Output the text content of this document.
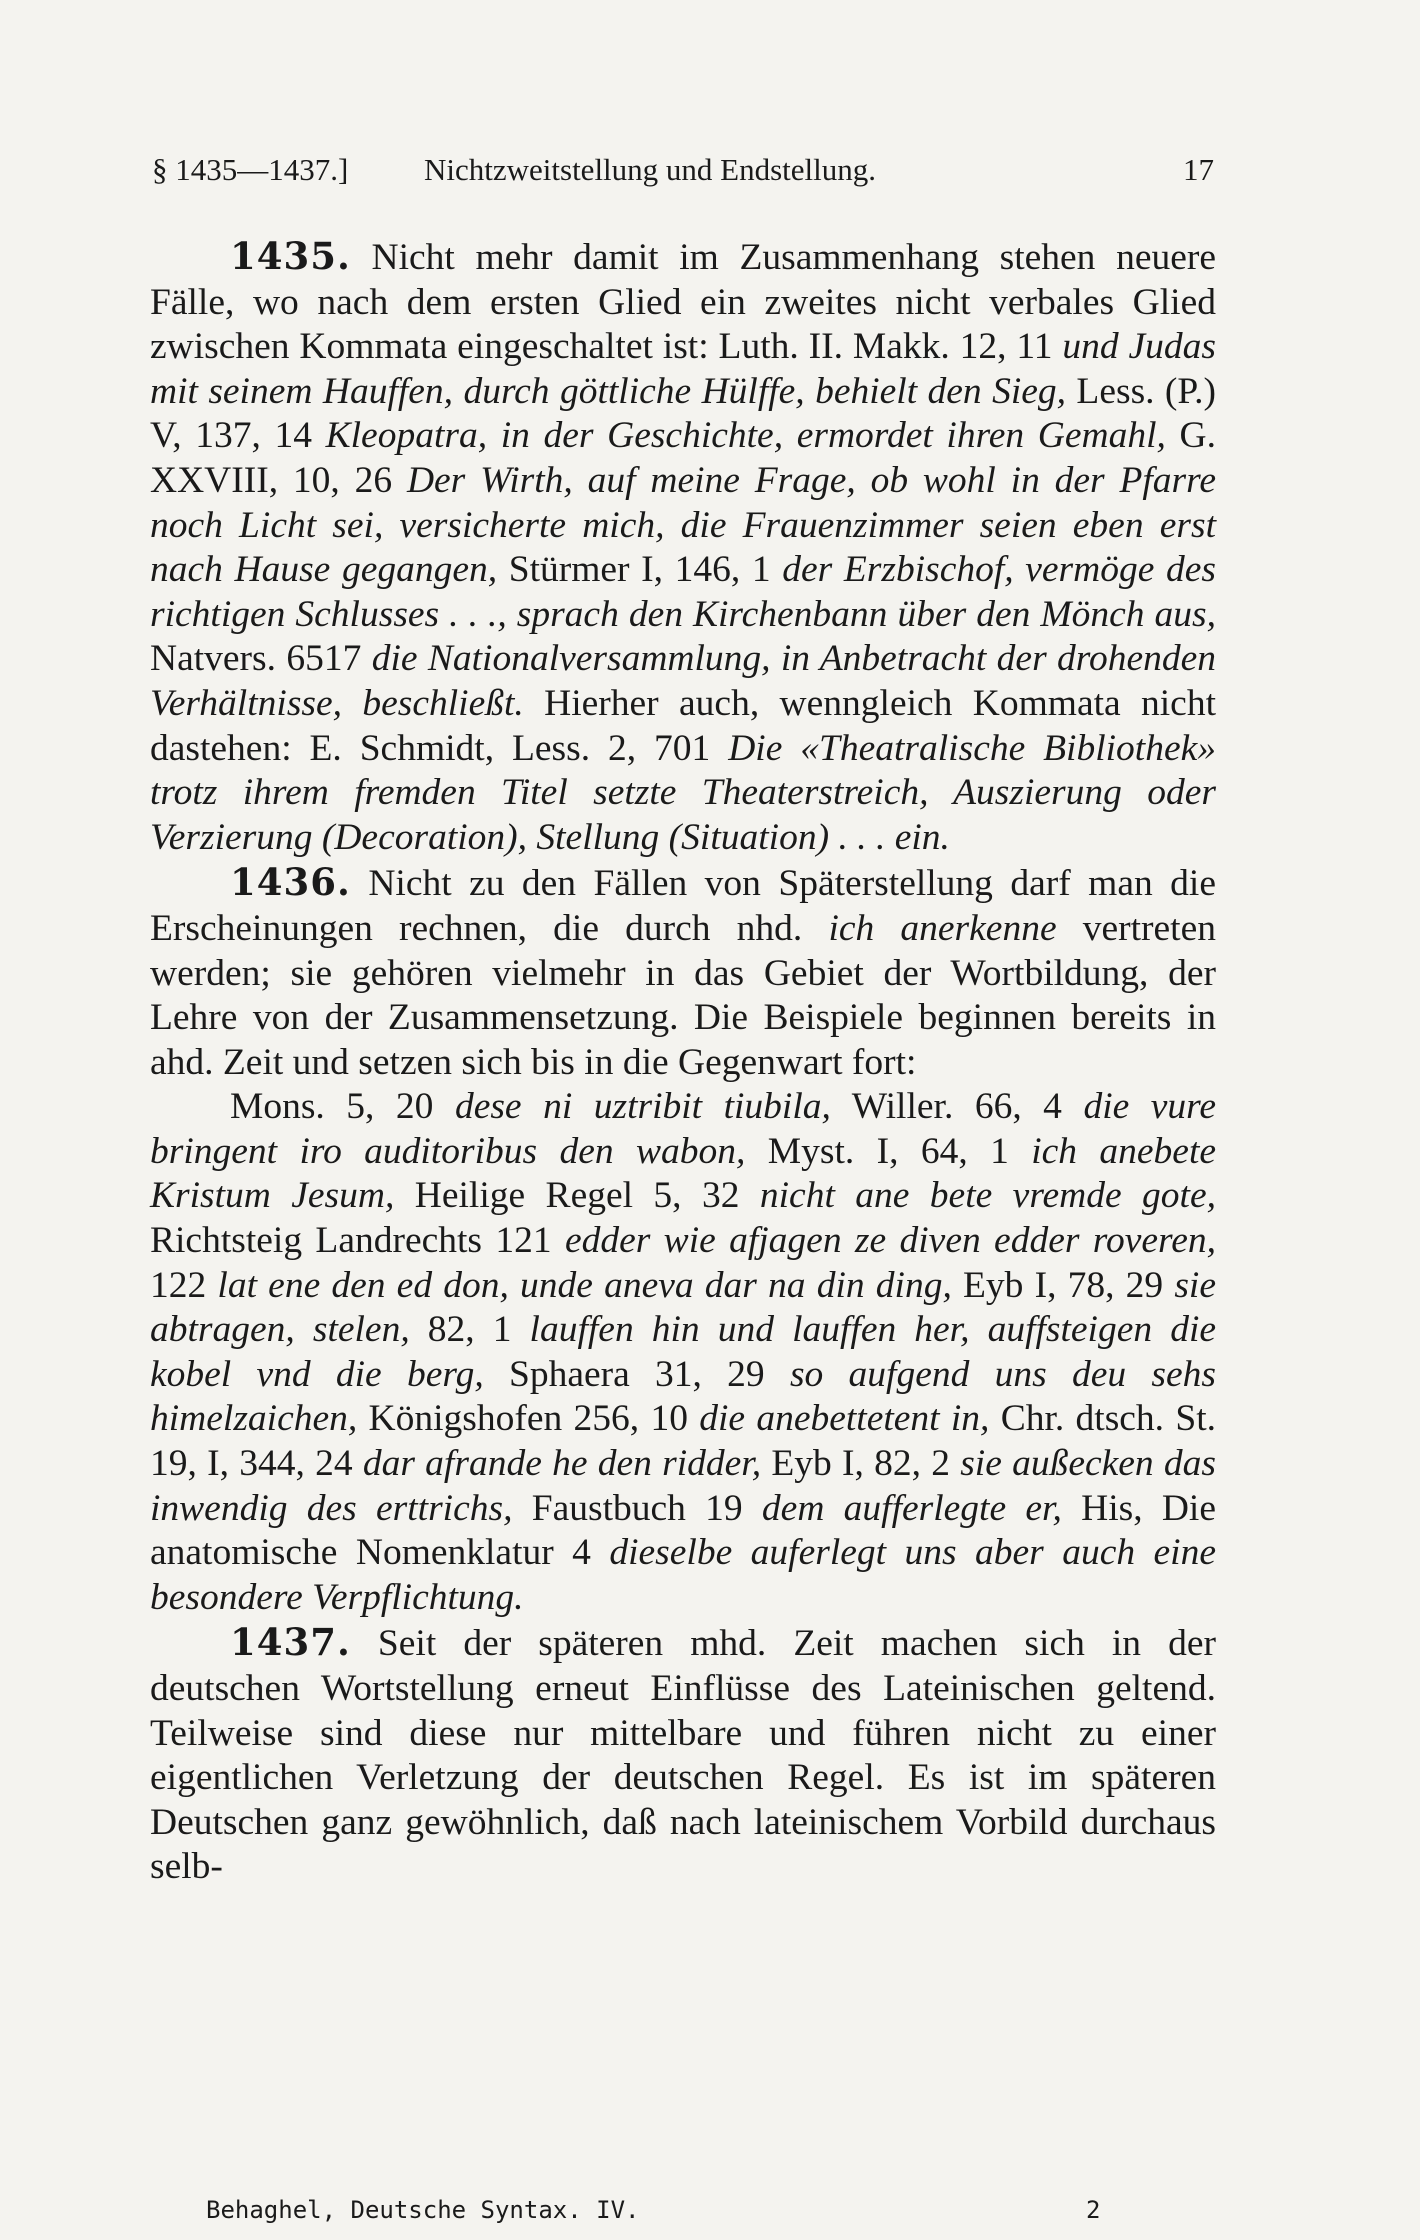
§ 1435—1437.] Nichtzweitstellung und Endstellung.	17

1435. Nicht mehr damit im Zusammenhang stehen neuere Fälle, wo nach dem ersten Glied ein zweites nicht verbales Glied zwischen Kommata eingeschaltet ist: Luth. II. Makk. 12, 11 und Judas mit seinem Hauffen, durch göttliche Hülffe, behielt den Sieg, Less. (P.) V, 137, 14 Kleopatra, in der Geschichte, ermordet ihren Gemahl, G. XXVIII, 10, 26 Der Wirth, auf meine Frage, ob wohl in der Pfarre noch Licht sei, versicherte mich, die Frauenzimmer seien eben erst nach Hause gegangen, Stürmer I, 146, 1 der Erzbischof, vermöge des richtigen Schlusses . . ., sprach den Kirchenbann über den Mönch aus, Natvers. 6517 die Nationalversammlung, in Anbetracht der drohenden Verhältnisse, beschließt. Hierher auch, wenngleich Kommata nicht dastehen: E. Schmidt, Less. 2, 701 Die «Theatralische Bibliothek» trotz ihrem fremden Titel setzte Theaterstreich, Auszierung oder Verzierung (Decoration), Stellung (Situation) . . . ein.

1436. Nicht zu den Fällen von Späterstellung darf man die Erscheinungen rechnen, die durch nhd. ich anerkenne vertreten werden; sie gehören vielmehr in das Gebiet der Wortbildung, der Lehre von der Zusammensetzung. Die Beispiele beginnen bereits in ahd. Zeit und setzen sich bis in die Gegenwart fort:

Mons. 5, 20 dese ni uztribit tiubila, Willer. 66, 4 die vure bringent iro auditoribus den wabon, Myst. I, 64, 1 ich anebete Kristum Jesum, Heilige Regel 5, 32 nicht ane bete vremde gote, Richtsteig Landrechts 121 edder wie afjagen ze diven edder roveren, 122 lat ene den ed don, unde aneva dar na din ding, Eyb I, 78, 29 sie abtragen, stelen, 82, 1 lauffen hin und lauffen her, auffsteigen die kobel vnd die berg, Sphaera 31, 29 so aufgend uns deu sehs himelzaichen, Königshofen 256, 10 die anebettetent in, Chr. dtsch. St. 19, I, 344, 24 dar afrande he den ridder, Eyb I, 82, 2 sie außecken das inwendig des erttrichs, Faustbuch 19 dem aufferlegte er, His, Die anatomische Nomenklatur 4 dieselbe auferlegt uns aber auch eine besondere Verpflichtung.

1437. Seit der späteren mhd. Zeit machen sich in der deutschen Wortstellung erneut Einflüsse des Lateinischen geltend. Teilweise sind diese nur mittelbare und führen nicht zu einer eigentlichen Verletzung der deutschen Regel. Es ist im späteren Deutschen ganz gewöhnlich, daß nach lateinischem Vorbild durchaus selb-

Behaghel, Deutsche Syntax. IV.	2
